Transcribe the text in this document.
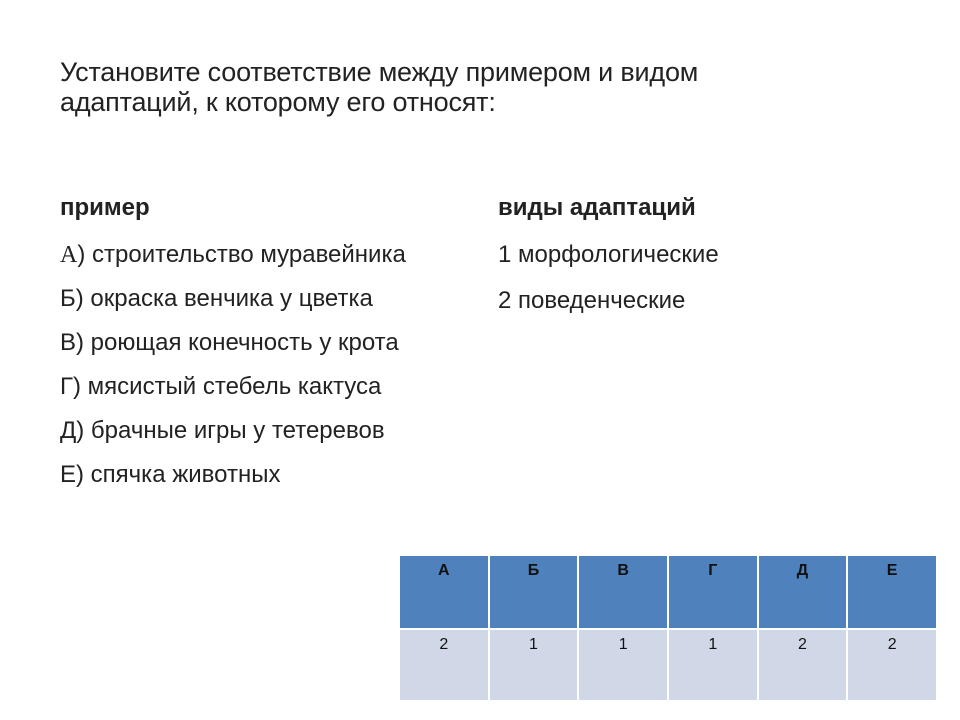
Установите соответствие между примером и видом адаптаций, к которому его относят:
пример	виды адаптаций
А) строительство муравейника
Б) окраска венчика у цветка
В) роющая конечность у крота
Г) мясистый стебель кактуса
Д) брачные игры у тетеревов
Е) спячка животных
1 морфологические
2 поведенческие
А	Б	В	Г	Д	Е
2	1	1	1	2	2
